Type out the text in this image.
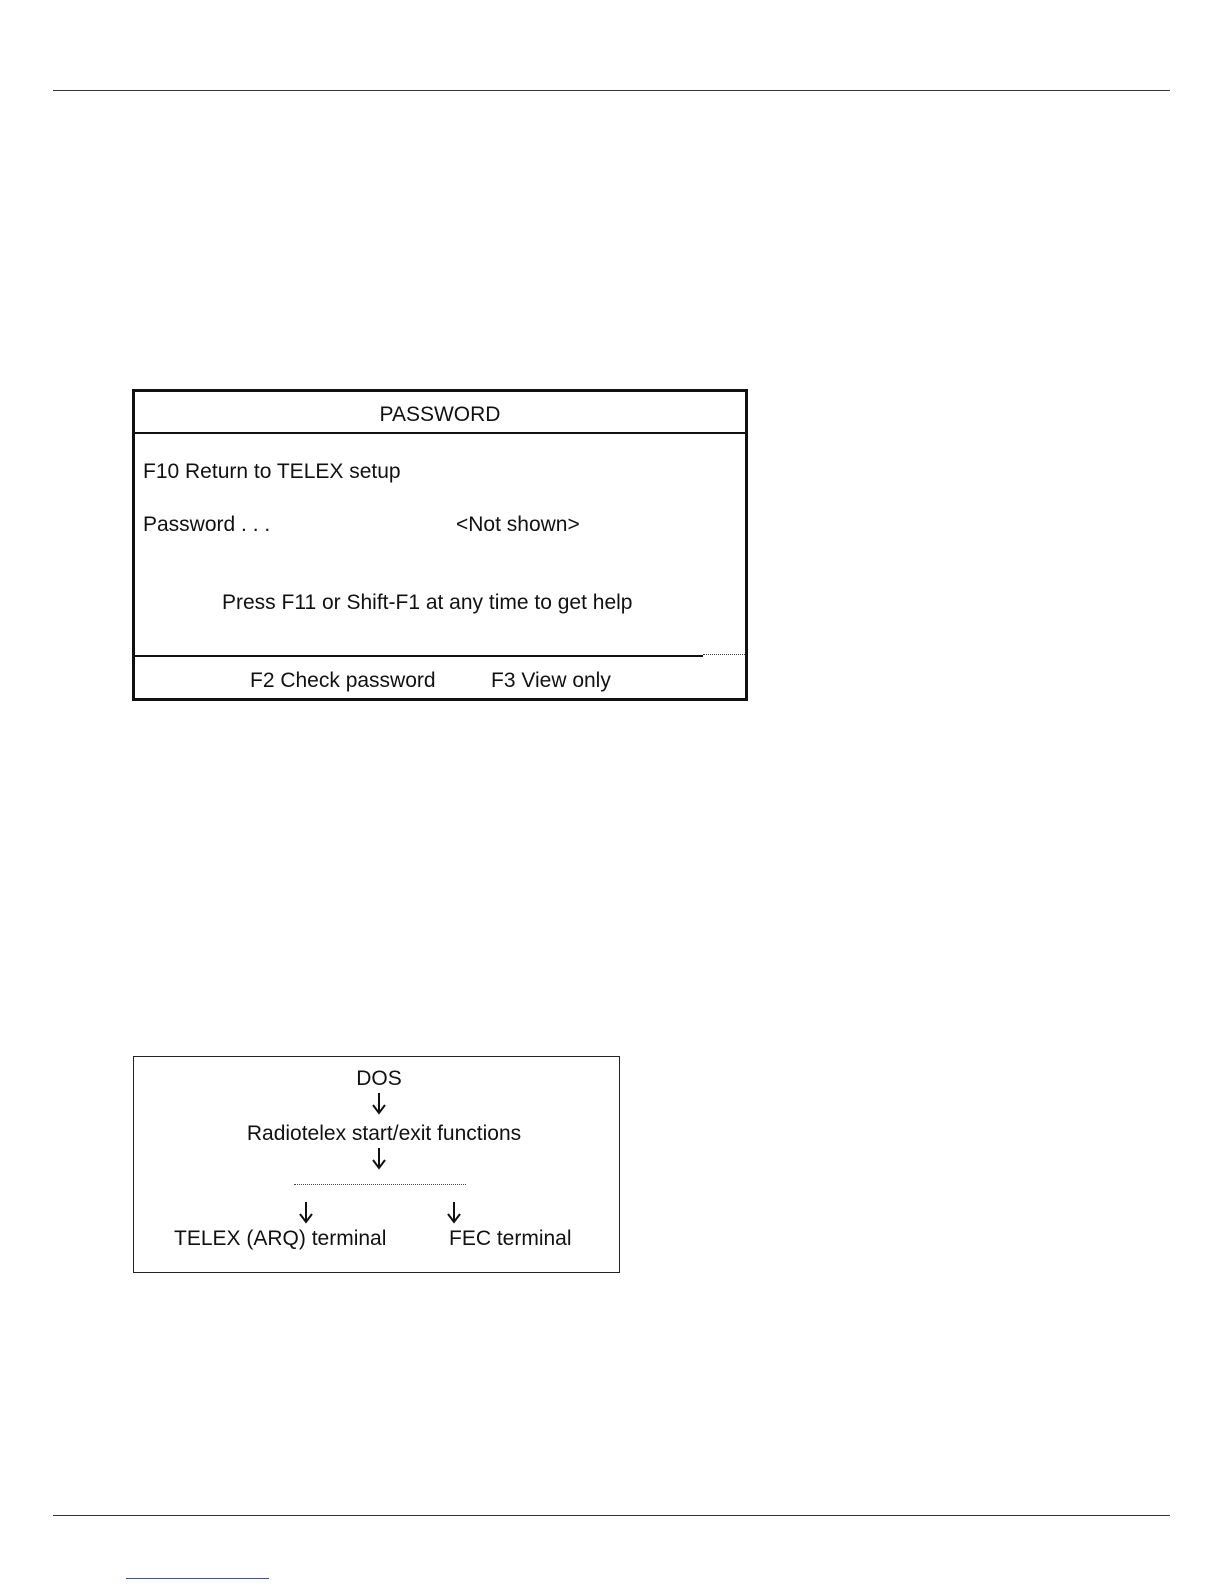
PASSWORD
F10 Return to TELEX setup
Password . . .	<Not shown>
Press F11 or Shift-F1 at any time to get help
F2 Check password	F3 View only
DOS
Radiotelex start/exit functions
TELEX (ARQ) terminal	FEC terminal
